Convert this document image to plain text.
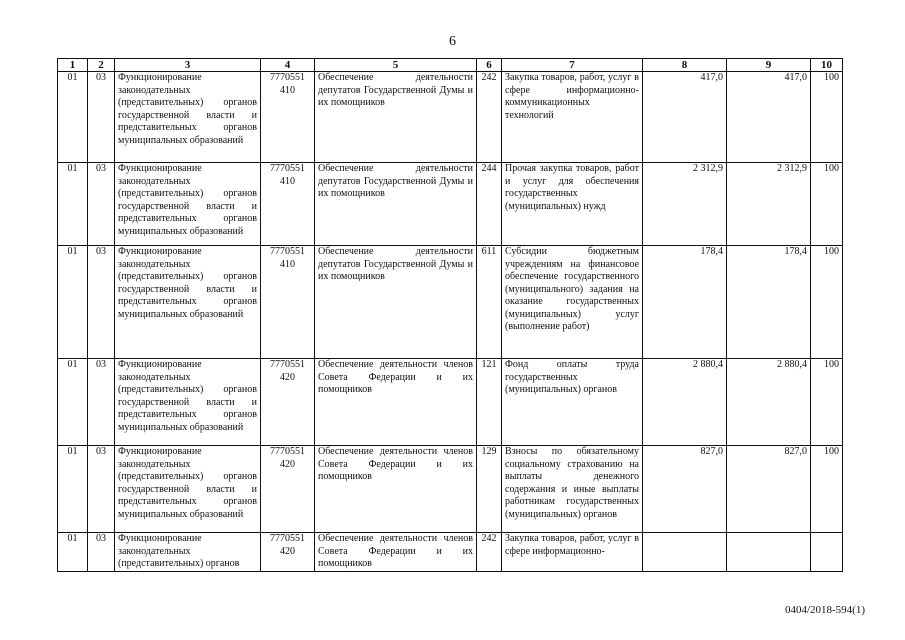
6
1	2	3	4	5	6	7	8	9	10
01	03	Функционирование законодательных (представительных) органов государственной власти и представительных органов муниципальных образований	7770551 410	Обеспечение деятельности депутатов Государственной Думы и их помощников	242	Закупка товаров, работ, услуг в сфере информационно-коммуникационных технологий	417,0	417,0	100
01	03	Функционирование законодательных (представительных) органов государственной власти и представительных органов муниципальных образований	7770551 410	Обеспечение деятельности депутатов Государственной Думы и их помощников	244	Прочая закупка товаров, работ и услуг для обеспечения государственных (муниципальных) нужд	2 312,9	2 312,9	100
01	03	Функционирование законодательных (представительных) органов государственной власти и представительных органов муниципальных образований	7770551 410	Обеспечение деятельности депутатов Государственной Думы и их помощников	611	Субсидии бюджетным учреждениям на финансовое обеспечение государственного (муниципального) задания на оказание государственных (муниципальных) услуг (выполнение работ)	178,4	178,4	100
01	03	Функционирование законодательных (представительных) органов государственной власти и представительных органов муниципальных образований	7770551 420	Обеспечение деятельности членов Совета Федерации и их помощников	121	Фонд оплаты труда государственных (муниципальных) органов	2 880,4	2 880,4	100
01	03	Функционирование законодательных (представительных) органов государственной власти и представительных органов муниципальных образований	7770551 420	Обеспечение деятельности членов Совета Федерации и их помощников	129	Взносы по обязательному социальному страхованию на выплаты денежного содержания и иные выплаты работникам государственных (муниципальных) органов	827,0	827,0	100
01	03	Функционирование законодательных (представительных) органов	7770551 420	Обеспечение деятельности членов Совета Федерации и их помощников	242	Закупка товаров, работ, услуг в сфере информационно-			
0404/2018-594(1)
